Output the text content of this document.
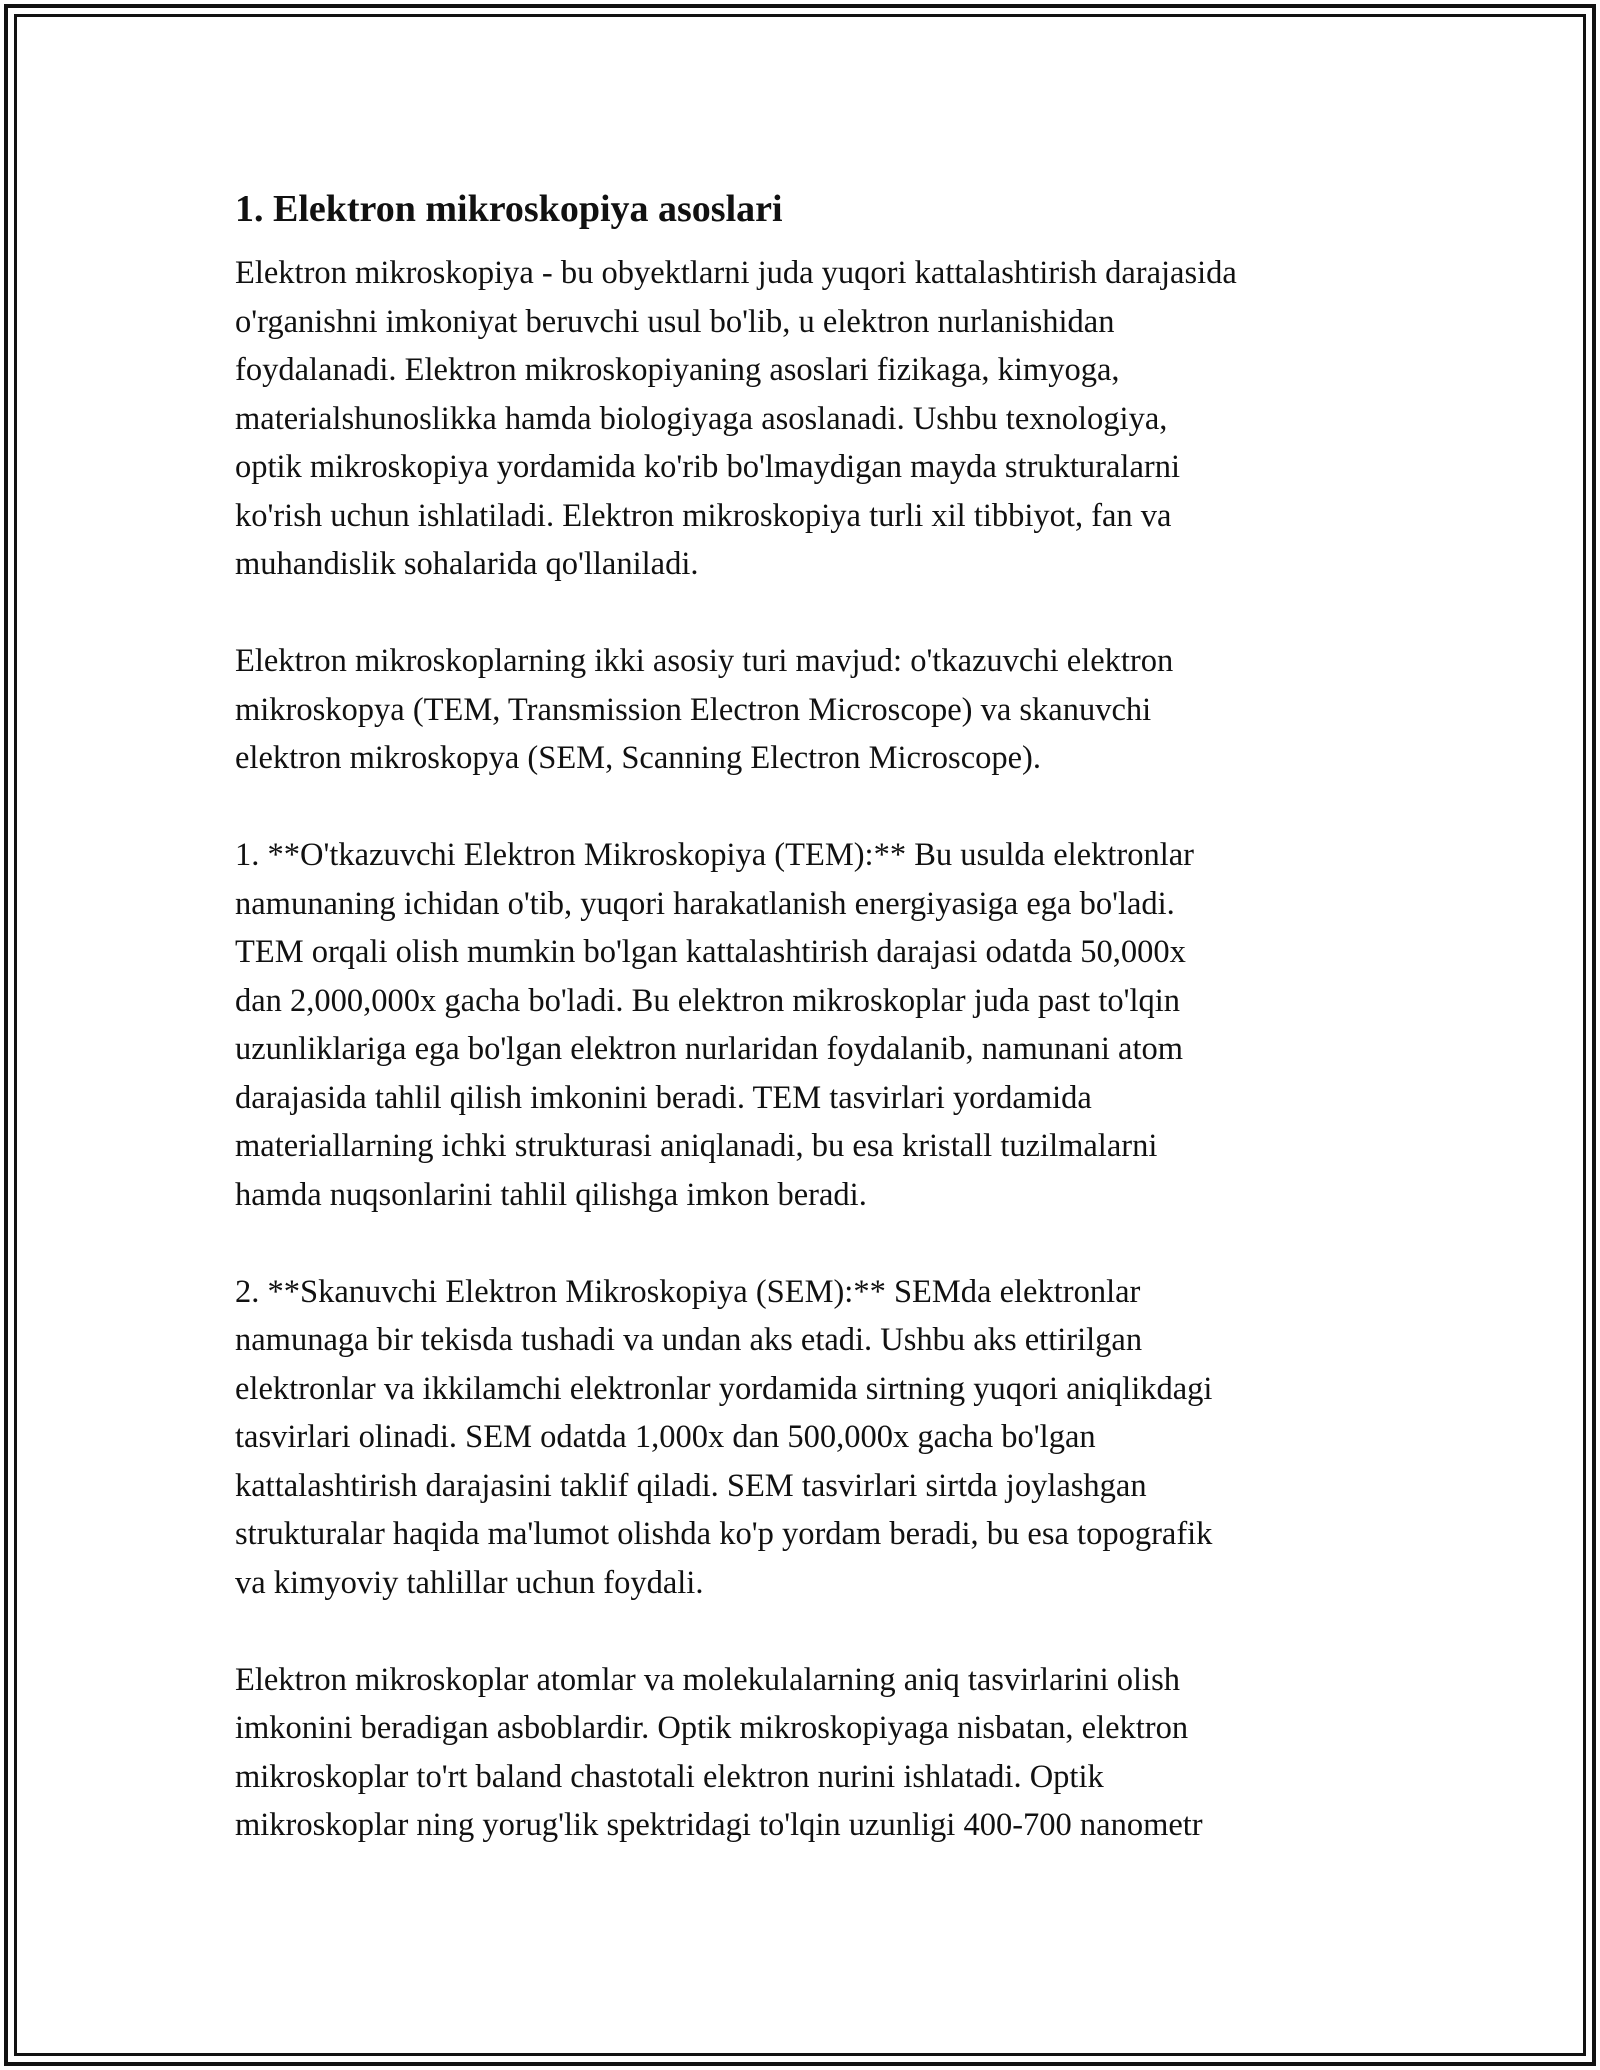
1. Elektron mikroskopiya asoslari
Elektron mikroskopiya - bu obyektlarni juda yuqori kattalashtirish darajasida
o'rganishni imkoniyat beruvchi usul bo'lib, u elektron nurlanishidan
foydalanadi. Elektron mikroskopiyaning asoslari fizikaga, kimyoga,
materialshunoslikka hamda biologiyaga asoslanadi. Ushbu texnologiya,
optik mikroskopiya yordamida ko'rib bo'lmaydigan mayda strukturalarni
ko'rish uchun ishlatiladi. Elektron mikroskopiya turli xil tibbiyot, fan va
muhandislik sohalarida qo'llaniladi.
Elektron mikroskoplarning ikki asosiy turi mavjud: o'tkazuvchi elektron
mikroskopya (TEM, Transmission Electron Microscope) va skanuvchi
elektron mikroskopya (SEM, Scanning Electron Microscope).
1. **O'tkazuvchi Elektron Mikroskopiya (TEM):** Bu usulda elektronlar
namunaning ichidan o'tib, yuqori harakatlanish energiyasiga ega bo'ladi.
TEM orqali olish mumkin bo'lgan kattalashtirish darajasi odatda 50,000x
dan 2,000,000x gacha bo'ladi. Bu elektron mikroskoplar juda past to'lqin
uzunliklariga ega bo'lgan elektron nurlaridan foydalanib, namunani atom
darajasida tahlil qilish imkonini beradi. TEM tasvirlari yordamida
materiallarning ichki strukturasi aniqlanadi, bu esa kristall tuzilmalarni
hamda nuqsonlarini tahlil qilishga imkon beradi.
2. **Skanuvchi Elektron Mikroskopiya (SEM):** SEMda elektronlar
namunaga bir tekisda tushadi va undan aks etadi. Ushbu aks ettirilgan
elektronlar va ikkilamchi elektronlar yordamida sirtning yuqori aniqlikdagi
tasvirlari olinadi. SEM odatda 1,000x dan 500,000x gacha bo'lgan
kattalashtirish darajasini taklif qiladi. SEM tasvirlari sirtda joylashgan
strukturalar haqida ma'lumot olishda ko'p yordam beradi, bu esa topografik
va kimyoviy tahlillar uchun foydali.
Elektron mikroskoplar atomlar va molekulalarning aniq tasvirlarini olish
imkonini beradigan asboblardir. Optik mikroskopiyaga nisbatan, elektron
mikroskoplar to'rt baland chastotali elektron nurini ishlatadi. Optik
mikroskoplar ning yorug'lik spektridagi to'lqin uzunligi 400-700 nanometr
